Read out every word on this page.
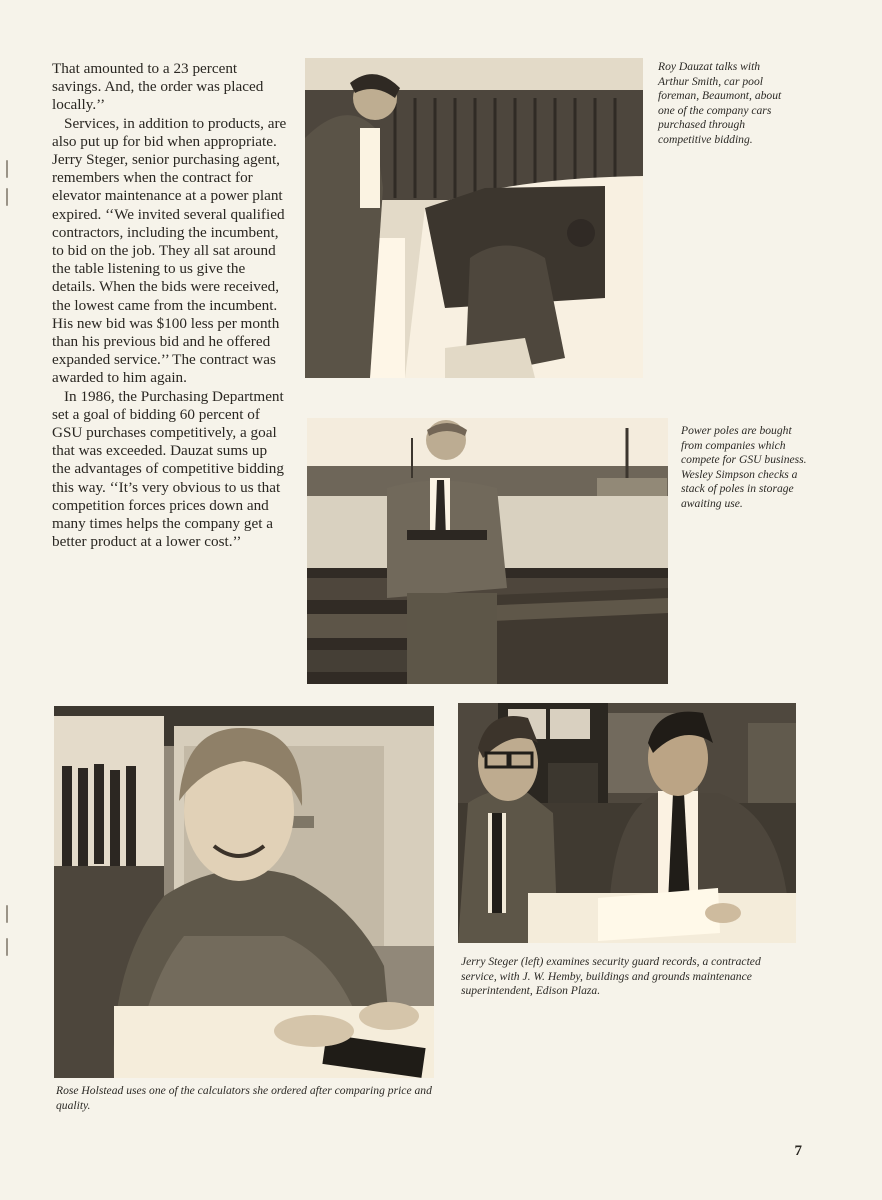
That amounted to a 23 percent savings. And, the order was placed locally.’’

Services, in addition to products, are also put up for bid when appropriate. Jerry Steger, senior purchasing agent, remembers when the contract for elevator maintenance at a power plant expired. ‘‘We invited several qualified contractors, including the incumbent, to bid on the job. They all sat around the table listening to us give the details. When the bids were received, the lowest came from the incumbent. His new bid was $100 less per month than his previous bid and he offered expanded service.’’ The contract was awarded to him again.

In 1986, the Purchasing Department set a goal of bidding 60 percent of GSU purchases competitively, a goal that was exceeded. Dauzat sums up the advantages of competitive bidding this way. ‘‘It’s very obvious to us that competition forces prices down and many times helps the company get a better product at a lower cost.’’

Roy Dauzat talks with Arthur Smith, car pool foreman, Beaumont, about one of the company cars purchased through competitive bidding.
Power poles are bought from companies which compete for GSU business. Wesley Simpson checks a stack of poles in storage awaiting use.
Rose Holstead uses one of the calculators she ordered after comparing price and quality.
Jerry Steger (left) examines security guard records, a contracted service, with J. W. Hemby, buildings and grounds maintenance superintendent, Edison Plaza.
7
